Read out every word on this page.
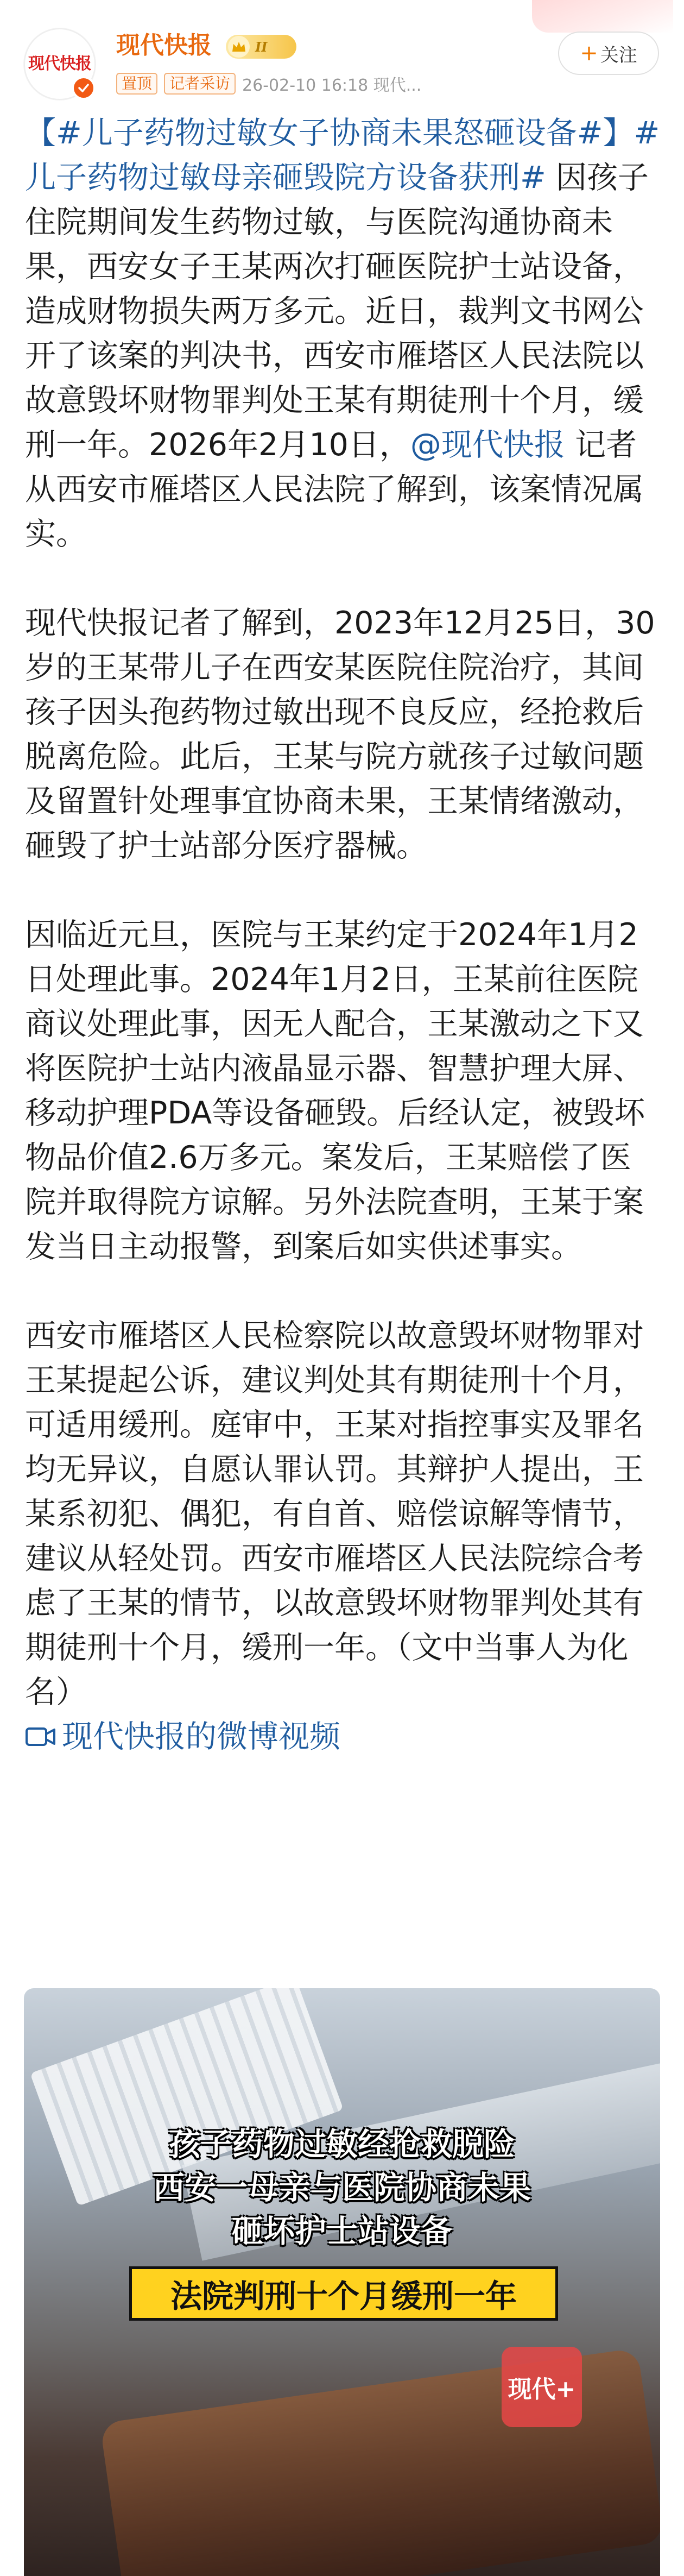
现代快报
现代快报	II
置顶	记者采访 26-02-10 16:18 现代...
+ 关注

【#儿子药物过敏女子协商未果怒砸设备#】#儿子药物过敏母亲砸毁院方设备获刑# 因孩子住院期间发生药物过敏，与医院沟通协商未果，西安女子王某两次打砸医院护士站设备，造成财物损失两万多元。近日，裁判文书网公开了该案的判决书，西安市雁塔区人民法院以故意毁坏财物罪判处王某有期徒刑十个月，缓刑一年。2026年2月10日，@现代快报 记者从西安市雁塔区人民法院了解到，该案情况属实。

现代快报记者了解到，2023年12月25日，30岁的王某带儿子在西安某医院住院治疗，其间孩子因头孢药物过敏出现不良反应，经抢救后脱离危险。此后，王某与院方就孩子过敏问题及留置针处理事宜协商未果，王某情绪激动，砸毁了护士站部分医疗器械。

因临近元旦，医院与王某约定于2024年1月2日处理此事。2024年1月2日，王某前往医院商议处理此事，因无人配合，王某激动之下又将医院护士站内液晶显示器、智慧护理大屏、移动护理PDA等设备砸毁。后经认定，被毁坏物品价值2.6万多元。案发后，王某赔偿了医院并取得院方谅解。另外法院查明，王某于案发当日主动报警，到案后如实供述事实。

西安市雁塔区人民检察院以故意毁坏财物罪对王某提起公诉，建议判处其有期徒刑十个月，可适用缓刑。庭审中，王某对指控事实及罪名均无异议，自愿认罪认罚。其辩护人提出，王某系初犯、偶犯，有自首、赔偿谅解等情节，建议从轻处罚。西安市雁塔区人民法院综合考虑了王某的情节，以故意毁坏财物罪判处其有期徒刑十个月，缓刑一年。（文中当事人为化名）

现代快报的微博视频
孩子药物过敏经抢救脱险
西安一母亲与医院协商未果
砸坏护士站设备
法院判刑十个月缓刑一年
现代+
